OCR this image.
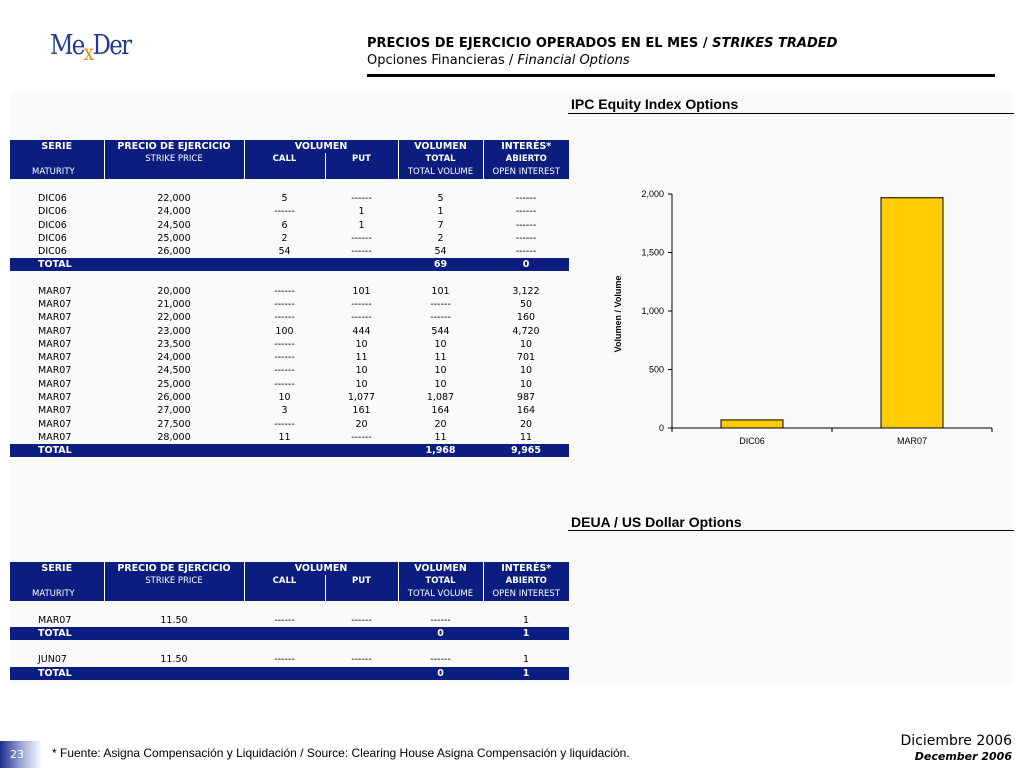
$Me_xDer$	PRECIOS DE EJERCICIO OPERADOS EN EL MES / STRIKES TRADED
Opciones Financieras / Financial Options
IPC Equity Index Options
SERIE	PRECIO DE EJERCICIO	VOLUMEN		VOLUMEN	INTERÉS*
	STRIKE PRICE	CALL	PUT	TOTAL	ABIERTO
MATURITY				TOTAL VOLUME	OPEN INTEREST

DIC06	22,000	5	------	5	------
DIC06	24,000	------	1	1	------
DIC06	24,500	6	1	7	------
DIC06	25,000	2	------	2	------
DIC06	26,000	54	------	54	------
TOTAL				69	0

MAR07	20,000	------	101	101	3,122
MAR07	21,000	------	------	------	50
MAR07	22,000	------	------	------	160
MAR07	23,000	100	444	544	4,720
MAR07	23,500	------	10	10	10
MAR07	24,000	------	11	11	701
MAR07	24,500	------	10	10	10
MAR07	25,000	------	10	10	10
MAR07	26,000	10	1,077	1,087	987
MAR07	27,000	3	161	164	164
MAR07	27,500	------	20	20	20
MAR07	28,000	11	------	11	11
TOTAL				1,968	9,965
0
500
1,000
1,500
2,000
DIC06	MAR07
Volumen / Volume
DEUA / US Dollar Options
SERIE	PRECIO DE EJERCICIO	VOLUMEN		VOLUMEN	INTERÉS*
	STRIKE PRICE	CALL	PUT	TOTAL	ABIERTO
MATURITY				TOTAL VOLUME	OPEN INTEREST

MAR07	11.50	------	------	------	1
TOTAL				0	1

JUN07	11.50	------	------	------	1
TOTAL				0	1
23	* Fuente: Asigna Compensación y Liquidación / Source: Clearing House Asigna Compensación y liquidación.
Diciembre 2006
December 2006
